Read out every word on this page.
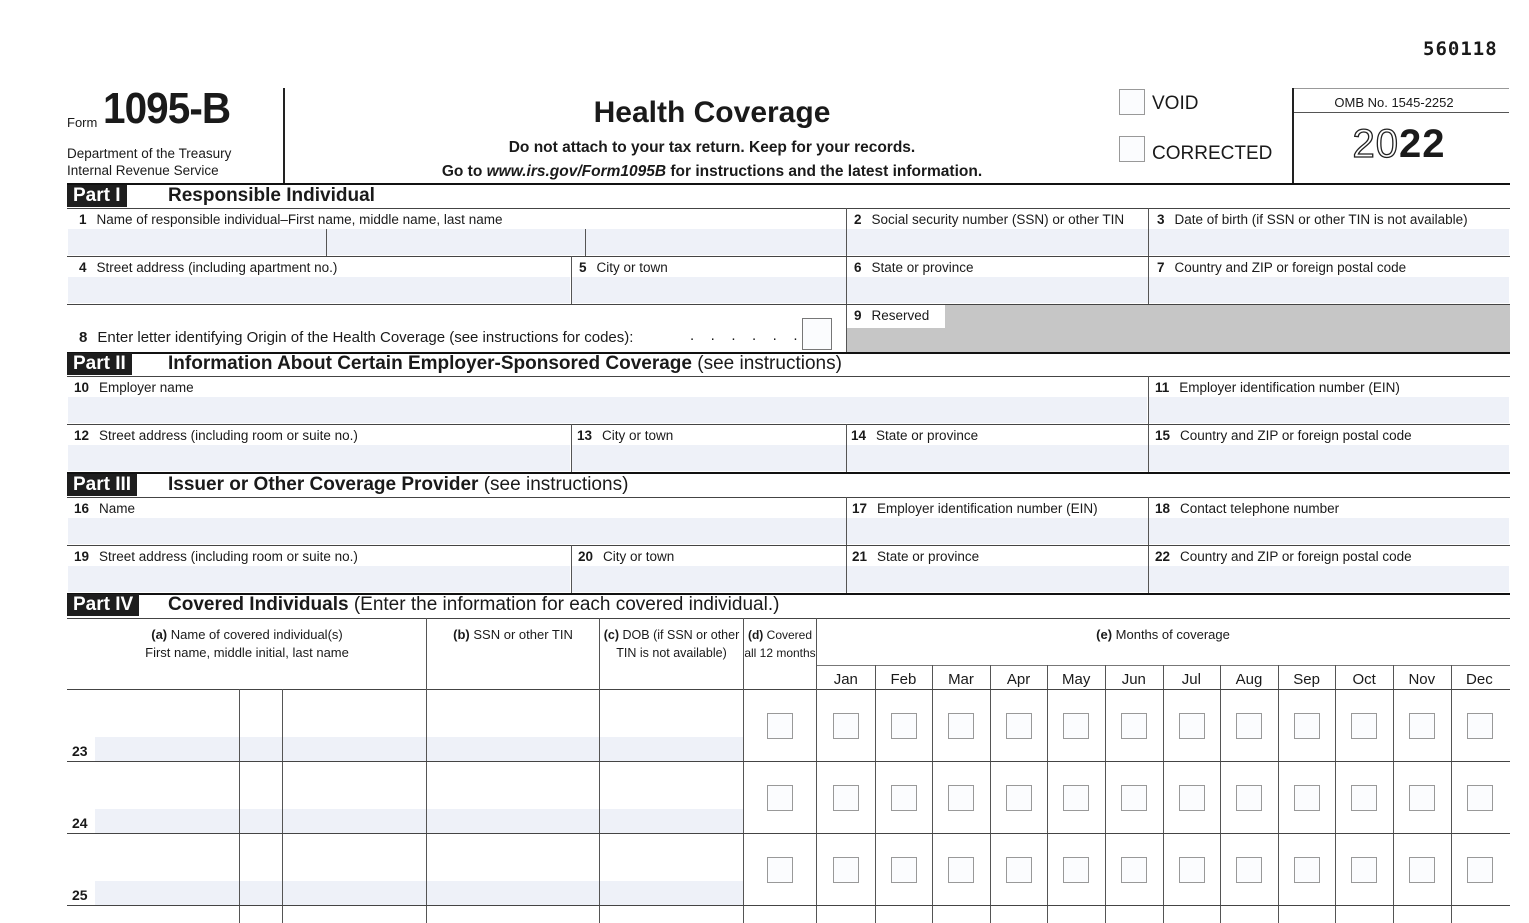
560118
Form 1095-B
Department of the Treasury
Internal Revenue Service
Health Coverage
Do not attach to your tax return. Keep for your records.
Go to www.irs.gov/Form1095B for instructions and the latest information.
VOID
CORRECTED
OMB No. 1545-2252
2022
Part I	Responsible Individual
1 Name of responsible individual–First name, middle name, last name	2 Social security number (SSN) or other TIN 3 Date of birth (if SSN or other TIN is not available)
4 Street address (including apartment no.)	5 City or town	6 State or province	7 Country and ZIP or foreign postal code
8 Enter letter identifying Origin of the Health Coverage (see instructions for codes):	.   .   .   .   .   .
9 Reserved
Part II	Information About Certain Employer-Sponsored Coverage (see instructions)
10 Employer name	11 Employer identification number (EIN)
12 Street address (including room or suite no.)	13 City or town	14 State or province	15 Country and ZIP or foreign postal code
Part III	Issuer or Other Coverage Provider (see instructions)
16 Name	17 Employer identification number (EIN)	18 Contact telephone number
19 Street address (including room or suite no.)	20 City or town	21 State or province	22 Country and ZIP or foreign postal code
Part IV	Covered Individuals (Enter the information for each covered individual.)
(a) Name of covered individual(s)
First name, middle initial, last name
(b) SSN or other TIN	(c) DOB (if SSN or other
TIN is not available)
(d) Covered
all 12 months
(e) Months of coverage
Jan	Feb	Mar	Apr	May	Jun	Jul	Aug	Sep	Oct	Nov	Dec
23
24
25
